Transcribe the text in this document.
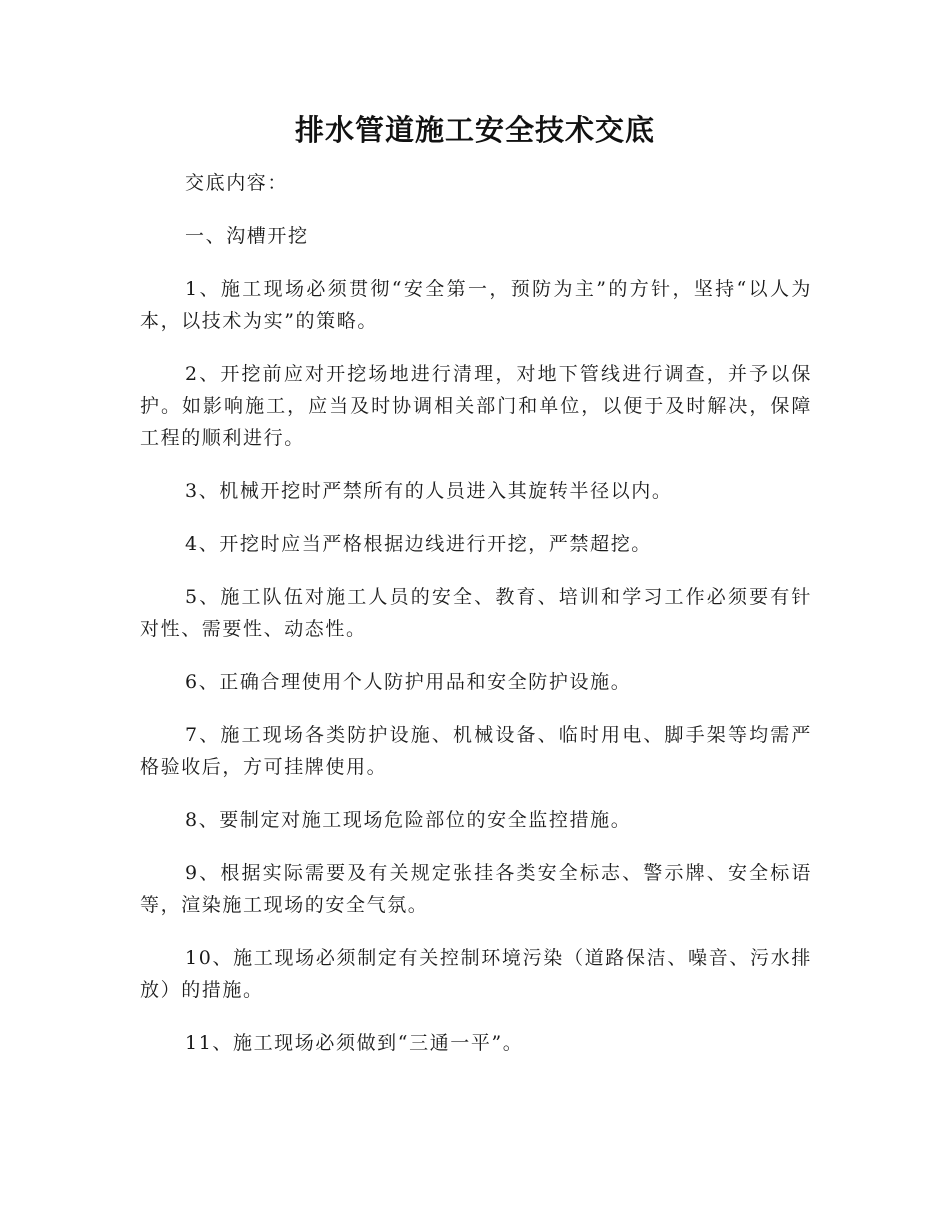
排水管道施工安全技术交底

交底内容：

一、沟槽开挖

1、施工现场必须贯彻“安全第一，预防为主”的方针，坚持“以人为本，以技术为实”的策略。

2、开挖前应对开挖场地进行清理，对地下管线进行调查，并予以保护。如影响施工，应当及时协调相关部门和单位，以便于及时解决，保障工程的顺利进行。

3、机械开挖时严禁所有的人员进入其旋转半径以内。

4、开挖时应当严格根据边线进行开挖，严禁超挖。

5、施工队伍对施工人员的安全、教育、培训和学习工作必须要有针对性、需要性、动态性。

6、正确合理使用个人防护用品和安全防护设施。

7、施工现场各类防护设施、机械设备、临时用电、脚手架等均需严格验收后，方可挂牌使用。

8、要制定对施工现场危险部位的安全监控措施。

9、根据实际需要及有关规定张挂各类安全标志、警示牌、安全标语等，渲染施工现场的安全气氛。

10、施工现场必须制定有关控制环境污染（道路保洁、噪音、污水排放）的措施。

11、施工现场必须做到“三通一平”。
